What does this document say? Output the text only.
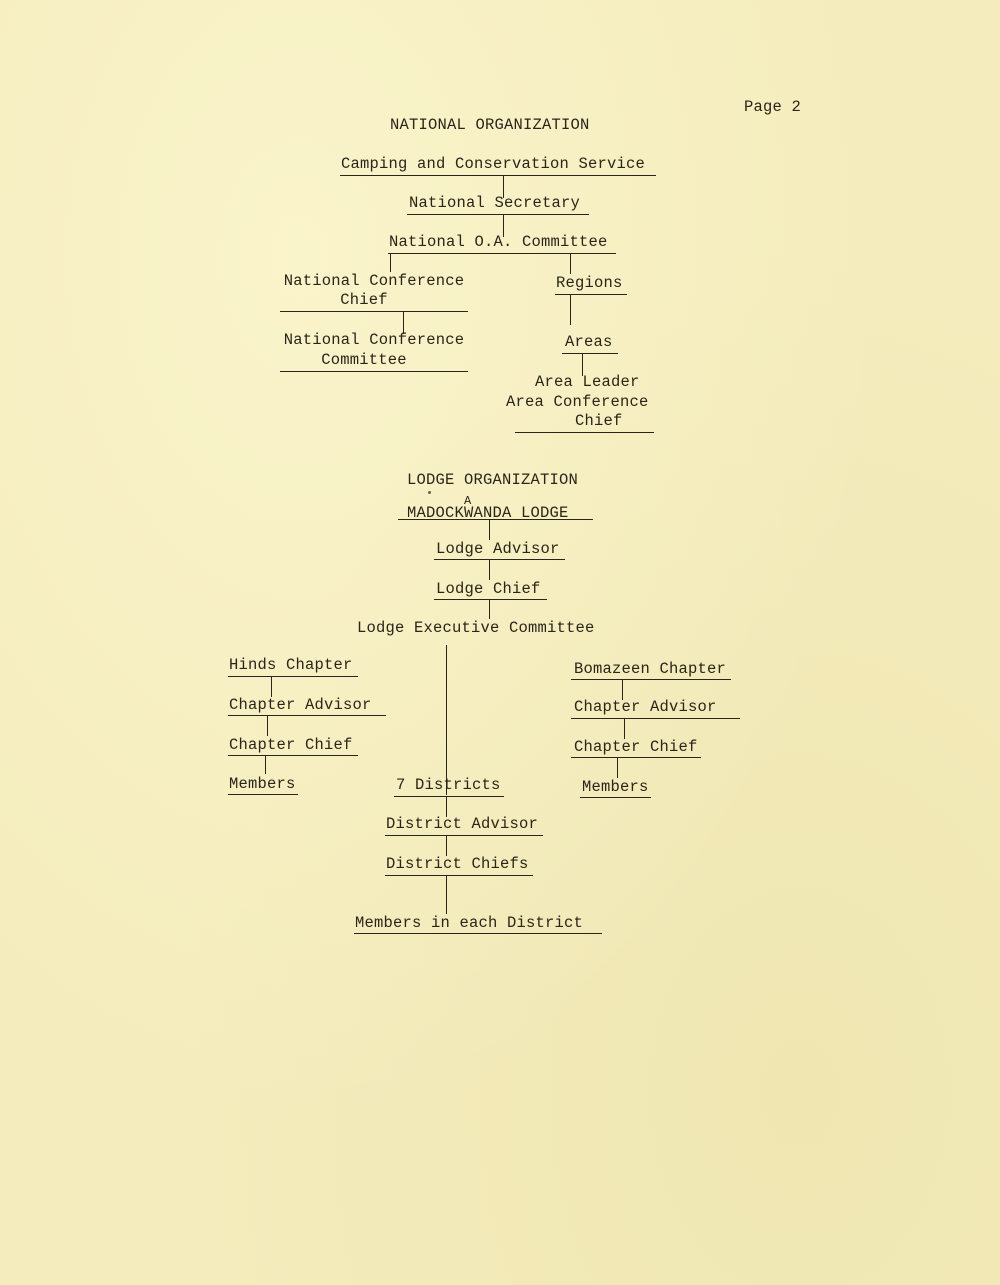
Page 2
NATIONAL ORGANIZATION
Camping and Conservation Service
National Secretary
National O.A. Committee
National Conference
Chief
National Conference
Committee
Regions
Areas
Area Leader
Area Conference
Chief
LODGE ORGANIZATION
A
MADOCKWANDA LODGE
Lodge Advisor
Lodge Chief
Lodge Executive Committee
Hinds Chapter
Chapter Advisor
Chapter Chief
Members
Bomazeen Chapter
Chapter Advisor
Chapter Chief
Members
7 Districts
District Advisor
District Chiefs
Members in each District
